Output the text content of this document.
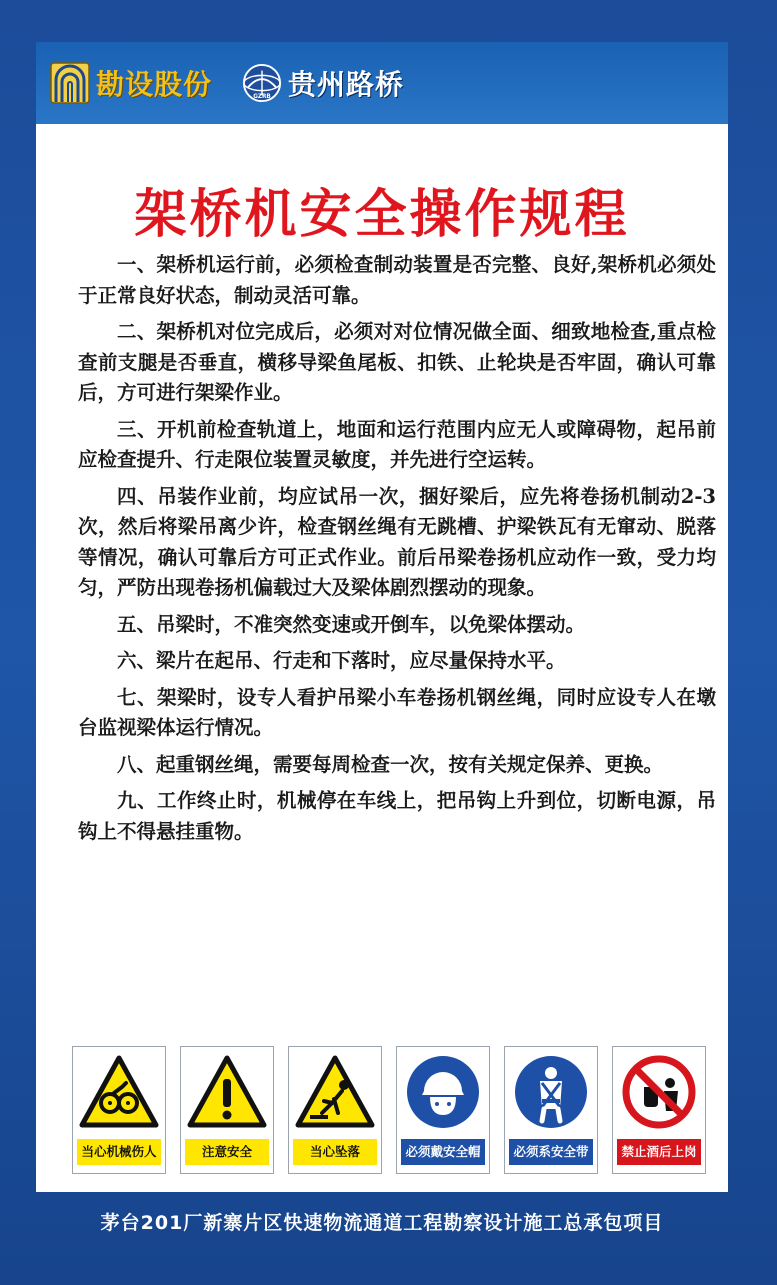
勘设股份	GZRB 贵州路桥
架桥机安全操作规程

一、架桥机运行前，必须检查制动装置是否完整、良好,架桥机必须处于正常良好状态，制动灵活可靠。

二、架桥机对位完成后，必须对对位情况做全面、细致地检查,重点检查前支腿是否垂直，横移导梁鱼尾板、扣铁、止轮块是否牢固，确认可靠后，方可进行架梁作业。

三、开机前检查轨道上，地面和运行范围内应无人或障碍物，起吊前应检查提升、行走限位装置灵敏度，并先进行空运转。

四、吊装作业前，均应试吊一次，捆好梁后，应先将卷扬机制动2-3次，然后将梁吊离少许，检查钢丝绳有无跳槽、护梁铁瓦有无窜动、脱落等情况，确认可靠后方可正式作业。前后吊梁卷扬机应动作一致，受力均匀，严防出现卷扬机偏载过大及梁体剧烈摆动的现象。

五、吊梁时，不准突然变速或开倒车，以免梁体摆动。

六、梁片在起吊、行走和下落时，应尽量保持水平。

七、架梁时，设专人看护吊梁小车卷扬机钢丝绳，同时应设专人在墩台监视梁体运行情况。

八、起重钢丝绳，需要每周检查一次，按有关规定保养、更换。

九、工作终止时，机械停在车线上，把吊钩上升到位，切断电源，吊钩上不得悬挂重物。

当心机械伤人	注意安全	当心坠落	必须戴安全帽	必须系安全带	禁止酒后上岗
茅台201厂新寨片区快速物流通道工程勘察设计施工总承包项目
